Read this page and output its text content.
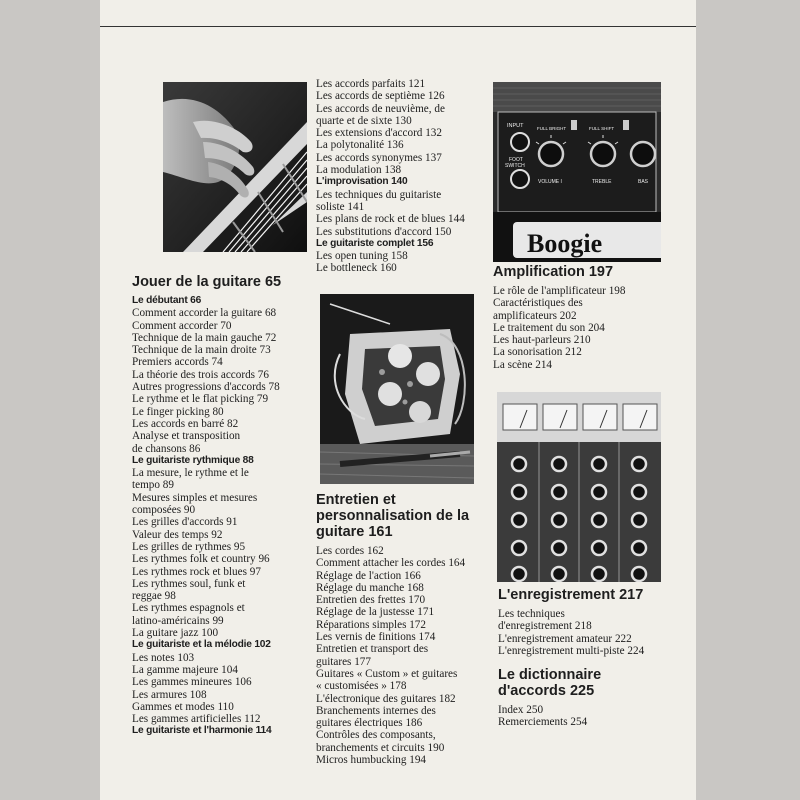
INPUT
FOOT
SWITCH
FULL BRIGHT	FULL SHIFT
VOLUME I	TREBLE	BAS
Boogie
Jouer de la guitare 65
Le débutant 66
Comment accorder la guitare 68
Comment accorder 70
Technique de la main gauche 72
Technique de la main droite 73
Premiers accords 74
La théorie des trois accords 76
Autres progressions d'accords 78
Le rythme et le flat picking 79
Le finger picking 80
Les accords en barré 82
Analyse et transposition
de chansons 86
Le guitariste rythmique 88
La mesure, le rythme et le
tempo 89
Mesures simples et mesures
composées 90
Les grilles d'accords 91
Valeur des temps 92
Les grilles de rythmes 95
Les rythmes folk et country 96
Les rythmes rock et blues 97
Les rythmes soul, funk et
reggae 98
Les rythmes espagnols et
latino-américains 99
La guitare jazz 100
Le guitariste et la mélodie 102
Les notes 103
La gamme majeure 104
Les gammes mineures 106
Les armures 108
Gammes et modes 110
Les gammes artificielles 112
Le guitariste et l'harmonie 114
Les accords parfaits 121
Les accords de septième 126
Les accords de neuvième, de
quarte et de sixte 130
Les extensions d'accord 132
La polytonalité 136
Les accords synonymes 137
La modulation 138
L'improvisation 140
Les techniques du guitariste
soliste 141
Les plans de rock et de blues 144
Les substitutions d'accord 150
Le guitariste complet 156
Les open tuning 158
Le bottleneck 160
Entretien et personnalisation de la guitare 161
Les cordes 162
Comment attacher les cordes 164
Réglage de l'action 166
Réglage du manche 168
Entretien des frettes 170
Réglage de la justesse 171
Réparations simples 172
Les vernis de finitions 174
Entretien et transport des
guitares 177
Guitares « Custom » et guitares
« customisées » 178
L'électronique des guitares 182
Branchements internes des
guitares électriques 186
Contrôles des composants,
branchements et circuits 190
Micros humbucking 194
Amplification 197
Le rôle de l'amplificateur 198
Caractéristiques des
amplificateurs 202
Le traitement du son 204
Les haut-parleurs 210
La sonorisation 212
La scène 214
L'enregistrement 217
Les techniques
d'enregistrement 218
L'enregistrement amateur 222
L'enregistrement multi-piste 224
Le dictionnaire d'accords 225
Index 250
Remerciements 254
